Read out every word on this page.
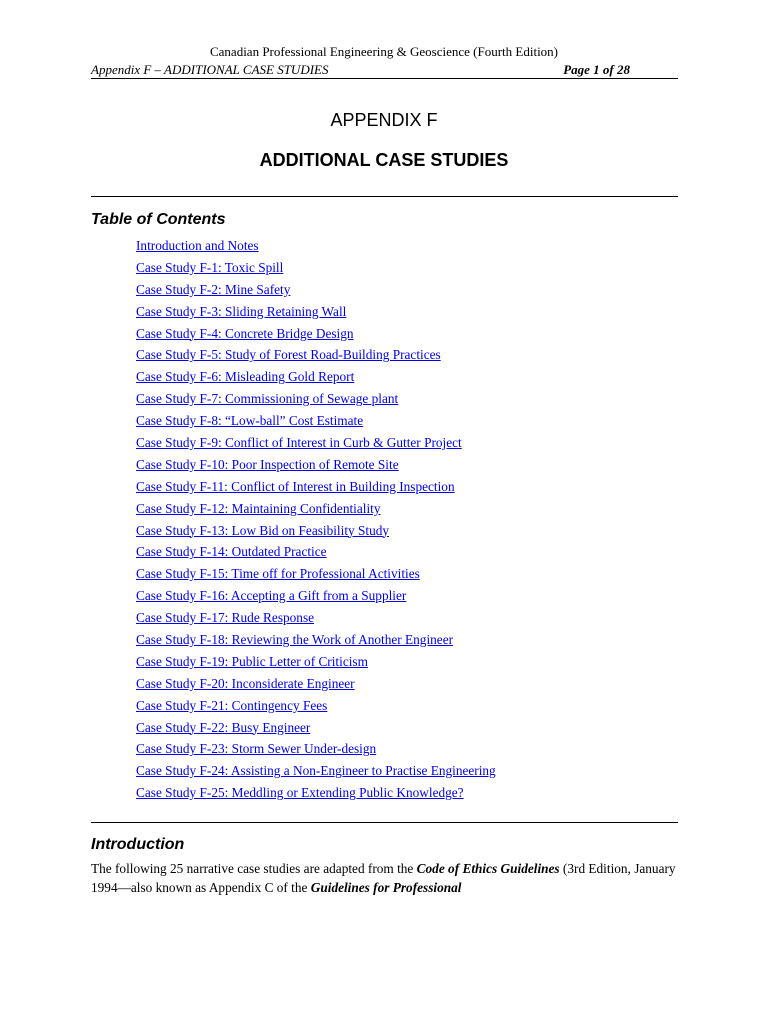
Canadian Professional Engineering & Geoscience (Fourth Edition)
Appendix F – ADDITIONAL CASE STUDIES	Page 1 of 28
APPENDIX F
ADDITIONAL CASE STUDIES
Table of Contents
Introduction and Notes
Case Study F-1: Toxic Spill
Case Study F-2: Mine Safety
Case Study F-3: Sliding Retaining Wall
Case Study F-4: Concrete Bridge Design
Case Study F-5: Study of Forest Road-Building Practices
Case Study F-6: Misleading Gold Report
Case Study F-7: Commissioning of Sewage plant
Case Study F-8: “Low-ball” Cost Estimate
Case Study F-9: Conflict of Interest in Curb & Gutter Project
Case Study F-10: Poor Inspection of Remote Site
Case Study F-11: Conflict of Interest in Building Inspection
Case Study F-12: Maintaining Confidentiality
Case Study F-13: Low Bid on Feasibility Study
Case Study F-14: Outdated Practice
Case Study F-15: Time off for Professional Activities
Case Study F-16: Accepting a Gift from a Supplier
Case Study F-17: Rude Response
Case Study F-18: Reviewing the Work of Another Engineer
Case Study F-19: Public Letter of Criticism
Case Study F-20: Inconsiderate Engineer
Case Study F-21: Contingency Fees
Case Study F-22: Busy Engineer
Case Study F-23: Storm Sewer Under-design
Case Study F-24: Assisting a Non-Engineer to Practise Engineering
Case Study F-25: Meddling or Extending Public Knowledge?
Introduction

The following 25 narrative case studies are adapted from the Code of Ethics Guidelines (3rd Edition, January 1994—also known as Appendix C of the Guidelines for Professional
